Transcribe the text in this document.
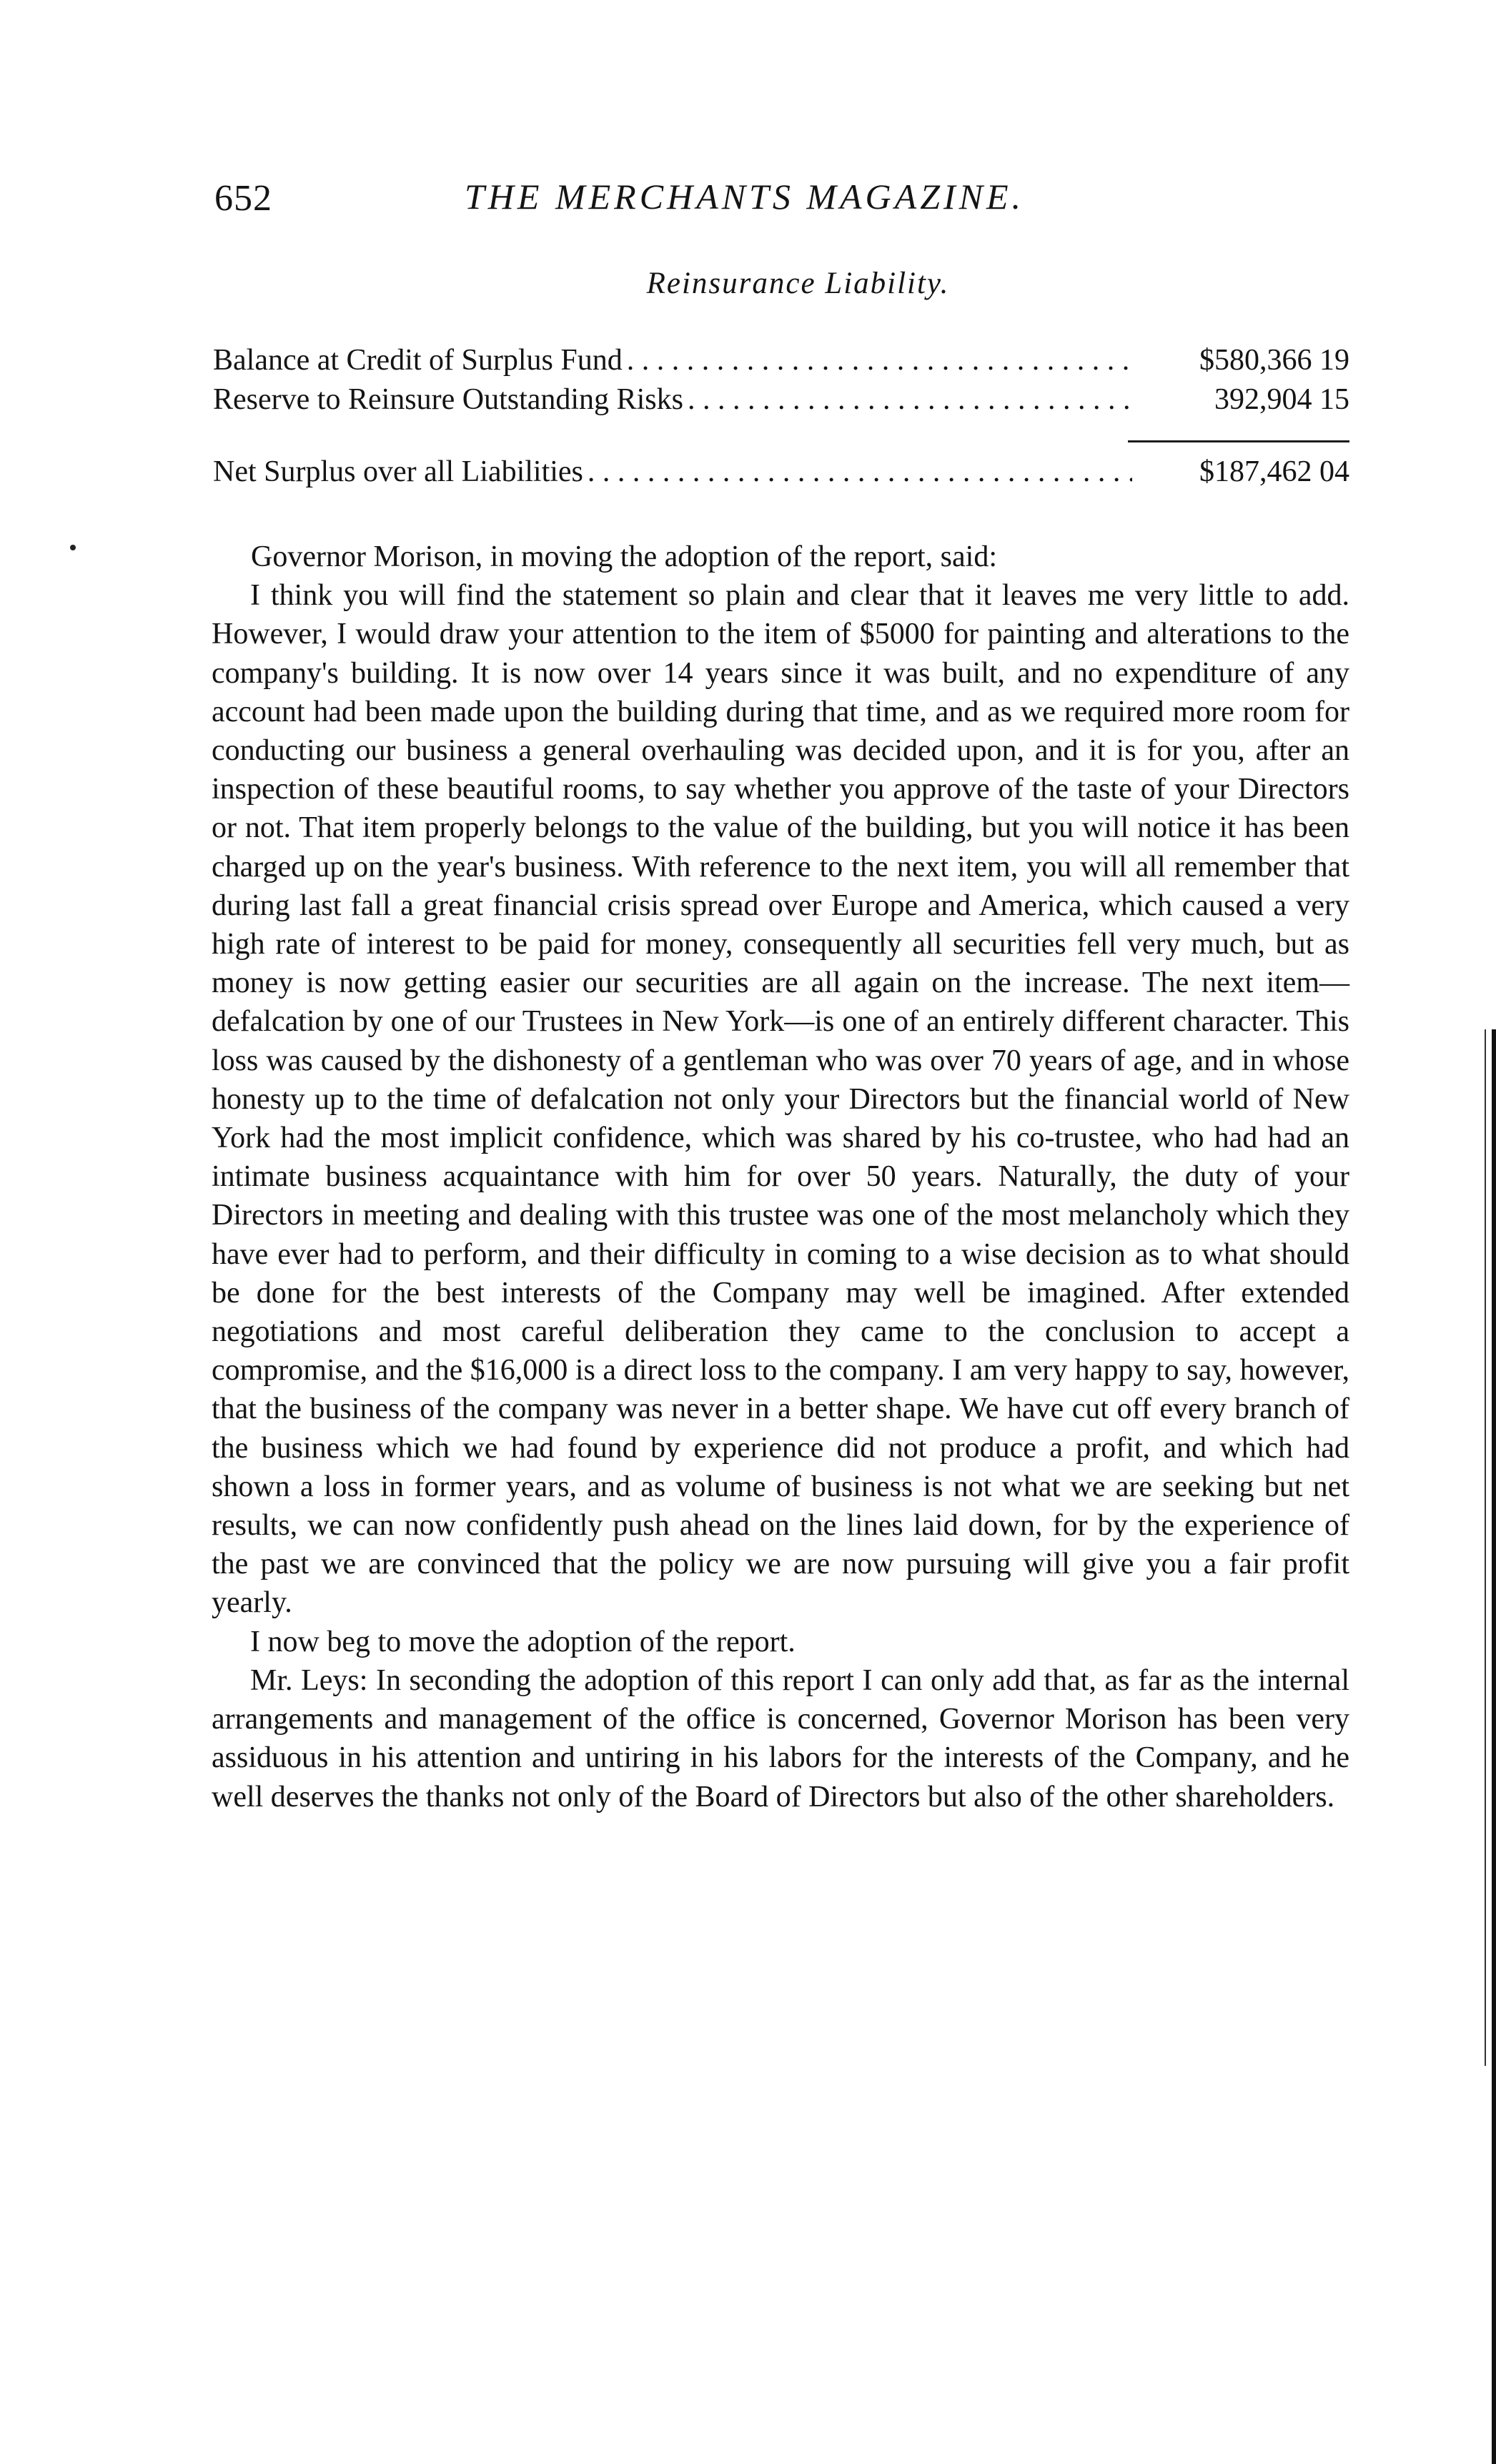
652	THE MERCHANTS MAGAZINE.
Reinsurance Liability.
Balance at Credit of Surplus Fund . . .	$580,366 19
Reserve to Reinsure Outstanding Risks . . .	392,904 15
Net Surplus over all Liabilities . . .	$187,462 04

Governor Morison, in moving the adoption of the report, said:

I think you will find the statement so plain and clear that it leaves me very little to add. However, I would draw your attention to the item of $5000 for painting and alterations to the company's building. It is now over 14 years since it was built, and no expenditure of any account had been made upon the building during that time, and as we required more room for conducting our business a general overhauling was decided upon, and it is for you, after an inspection of these beautiful rooms, to say whether you approve of the taste of your Directors or not. That item properly belongs to the value of the building, but you will notice it has been charged up on the year's business. With reference to the next item, you will all remember that during last fall a great financial crisis spread over Europe and America, which caused a very high rate of interest to be paid for money, consequently all securities fell very much, but as money is now getting easier our securities are all again on the increase. The next item—defalcation by one of our Trustees in New York—is one of an entirely different character. This loss was caused by the dishonesty of a gentleman who was over 70 years of age, and in whose honesty up to the time of defalcation not only your Directors but the financial world of New York had the most implicit confidence, which was shared by his co-trustee, who had had an intimate business acquaintance with him for over 50 years. Naturally, the duty of your Directors in meeting and dealing with this trustee was one of the most melancholy which they have ever had to perform, and their difficulty in coming to a wise decision as to what should be done for the best interests of the Company may well be imagined. After extended negotiations and most careful deliberation they came to the conclusion to accept a compromise, and the $16,000 is a direct loss to the company. I am very happy to say, however, that the business of the company was never in a better shape. We have cut off every branch of the business which we had found by experience did not produce a profit, and which had shown a loss in former years, and as volume of business is not what we are seeking but net results, we can now confidently push ahead on the lines laid down, for by the experience of the past we are convinced that the policy we are now pursuing will give you a fair profit yearly.

I now beg to move the adoption of the report.

Mr. Leys: In seconding the adoption of this report I can only add that, as far as the internal arrangements and management of the office is concerned, Governor Morison has been very assiduous in his attention and untiring in his labors for the interests of the Company, and he well deserves the thanks not only of the Board of Directors but also of the other shareholders.
